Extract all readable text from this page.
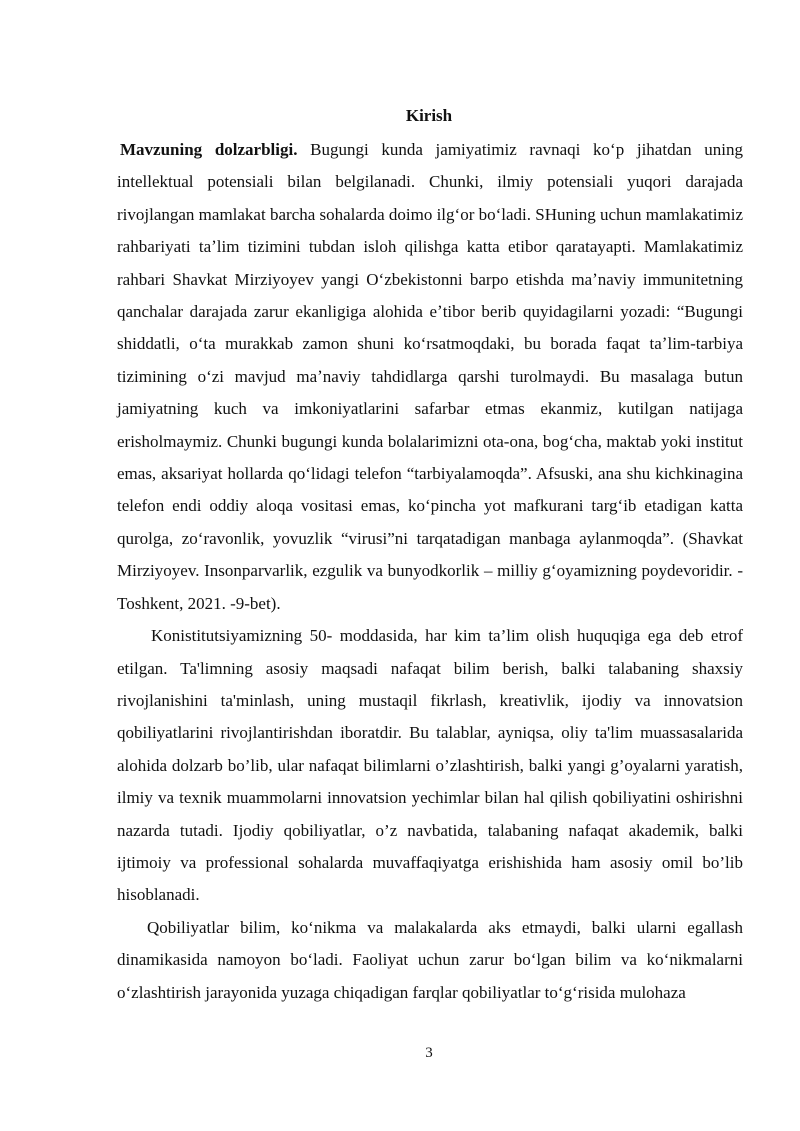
Kirish

Mavzuning dolzarbligi. Bugungi kunda jamiyatimiz ravnaqi koʻp jihatdan uning intellektual potensiali bilan belgilanadi. Chunki, ilmiy potensiali yuqori darajada rivojlangan mamlakat barcha sohalarda doimo ilgʻor boʻladi. SHuning uchun mamlakatimiz rahbariyati taʼlim tizimini tubdan isloh qilishga katta etibor qaratayapti. Mamlakatimiz rahbari Shavkat Mirziyoyev yangi Oʻzbekistonni barpo etishda maʼnaviy immunitetning qanchalar darajada zarur ekanligiga alohida eʼtibor berib quyidagilarni yozadi: “Bugungi shiddatli, oʻta murakkab zamon shuni koʻrsatmoqdaki, bu borada faqat taʼlim-tarbiya tizimining oʻzi mavjud maʼnaviy tahdidlarga qarshi turolmaydi. Bu masalaga butun jamiyatning kuch va imkoniyatlarini safarbar etmas ekanmiz, kutilgan natijaga erisholmaymiz. Chunki bugungi kunda bolalarimizni ota-ona, bogʻcha, maktab yoki institut emas, aksariyat hollarda qoʻlidagi telefon “tarbiyalamoqda”. Afsuski, ana shu kichkinagina telefon endi oddiy aloqa vositasi emas, koʻpincha yot mafkurani targʻib etadigan katta qurolga, zoʻravonlik, yovuzlik “virusi”ni tarqatadigan manbaga aylanmoqda”. (Shavkat Mirziyoyev. Insonparvarlik, ezgulik va bunyodkorlik – milliy gʻoyamizning poydevoridir. -Toshkent, 2021. -9-bet).

Konistitutsiyamizning 50- moddasida, har kim ta’lim olish huquqiga ega deb etrof etilgan. Ta'limning asosiy maqsadi nafaqat bilim berish, balki talabaning shaxsiy rivojlanishini ta'minlash, uning mustaqil fikrlash, kreativlik, ijodiy va innovatsion qobiliyatlarini rivojlantirishdan iboratdir. Bu talablar, ayniqsa, oliy ta'lim muassasalarida alohida dolzarb bo’lib, ular nafaqat bilimlarni o’zlashtirish, balki yangi g’oyalarni yaratish, ilmiy va texnik muammolarni innovatsion yechimlar bilan hal qilish qobiliyatini oshirishni nazarda tutadi. Ijodiy qobiliyatlar, o’z navbatida, talabaning nafaqat akademik, balki ijtimoiy va professional sohalarda muvaffaqiyatga erishishida ham asosiy omil bo’lib hisoblanadi.

Qobiliyatlar bilim, koʻnikma va malakalarda aks etmaydi, balki ularni egallash dinamikasida namoyon boʻladi. Faoliyat uchun zarur boʻlgan bilim va koʻnikmalarni oʻzlashtirish jarayonida yuzaga chiqadigan farqlar qobiliyatlar toʻgʻrisida mulohaza

3
